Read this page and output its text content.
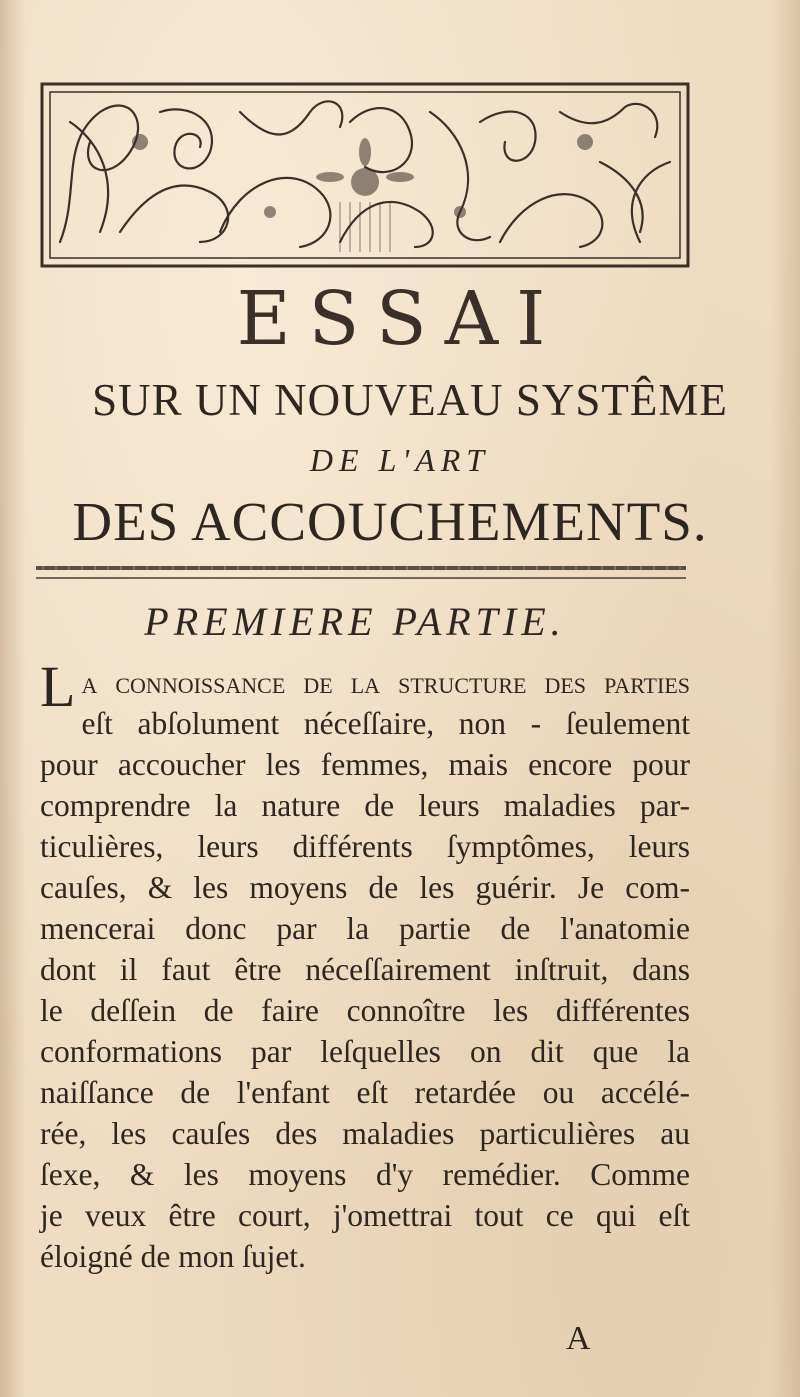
ESSAI
SUR UN NOUVEAU SYSTÊME
DE L'ART
DES ACCOUCHEMENTS.
PREMIERE PARTIE.
L a connoiſſance de la ſtructure des parties
eſt abſolument néceſſaire, non - ſeulement
pour accoucher les femmes, mais encore pour
comprendre la nature de leurs maladies par-
ticulières, leurs différents ſymptômes, leurs
cauſes, & les moyens de les guérir. Je com-
mencerai donc par la partie de l'anatomie
dont il faut être néceſſairement inſtruit, dans
le deſſein de faire connoître les différentes
conformations par leſquelles on dit que la
naiſſance de l'enfant eſt retardée ou accélé-
rée, les cauſes des maladies particulières au
ſexe, & les moyens d'y remédier. Comme
je veux être court, j'omettrai tout ce qui eſt
éloigné de mon ſujet.
A
